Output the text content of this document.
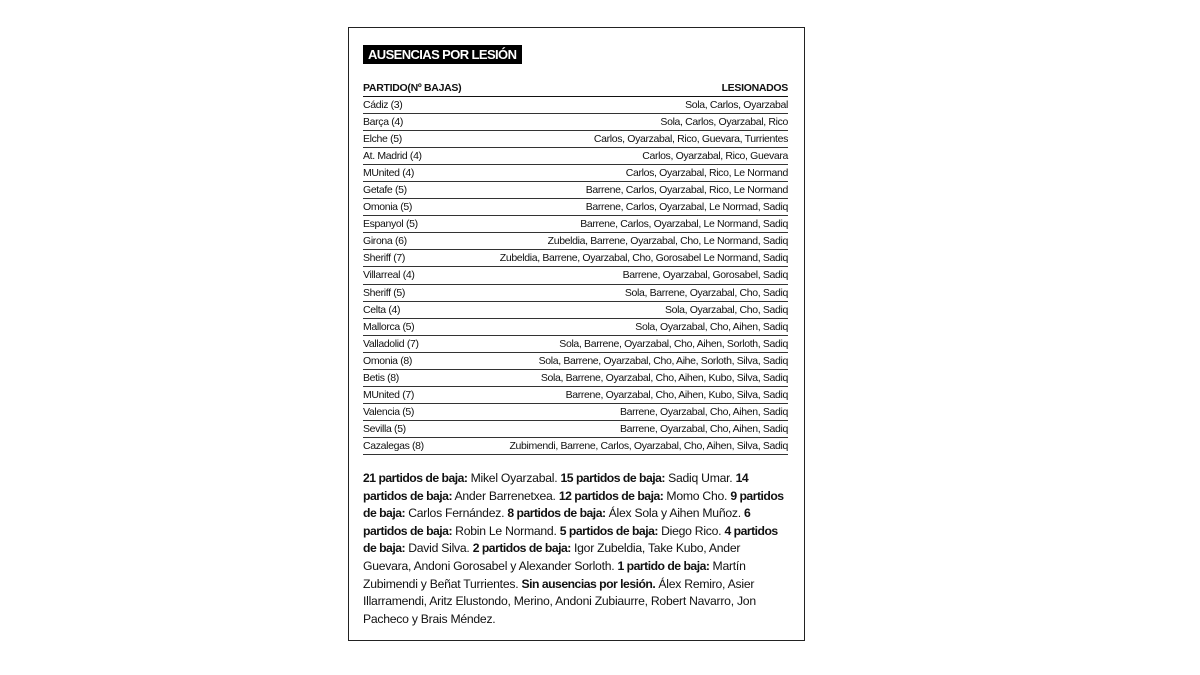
AUSENCIAS POR LESIÓN
PARTIDO(Nº BAJAS)	LESIONADOS
Cádiz (3)	Sola, Carlos, Oyarzabal
Barça (4)	Sola, Carlos, Oyarzabal, Rico
Elche (5)	Carlos, Oyarzabal, Rico, Guevara, Turrientes
At. Madrid (4)	Carlos, Oyarzabal, Rico, Guevara
MUnited (4)	Carlos, Oyarzabal, Rico, Le Normand
Getafe (5)	Barrene, Carlos, Oyarzabal, Rico, Le Normand
Omonia (5)	Barrene, Carlos, Oyarzabal, Le Normad, Sadiq
Espanyol (5)	Barrene, Carlos, Oyarzabal, Le Normand, Sadiq
Girona (6)	Zubeldia, Barrene, Oyarzabal, Cho, Le Normand, Sadiq
Sheriff (7)	Zubeldia, Barrene, Oyarzabal, Cho, Gorosabel Le Normand, Sadiq
Villarreal (4)	Barrene, Oyarzabal, Gorosabel, Sadiq
Sheriff (5)	Sola, Barrene, Oyarzabal, Cho, Sadiq
Celta (4)	Sola, Oyarzabal, Cho, Sadiq
Mallorca (5)	Sola, Oyarzabal, Cho, Aihen, Sadiq
Valladolid (7)	Sola, Barrene, Oyarzabal, Cho, Aihen, Sorloth, Sadiq
Omonia (8)	Sola, Barrene, Oyarzabal, Cho, Aihe, Sorloth, Silva, Sadiq
Betis (8)	Sola, Barrene, Oyarzabal, Cho, Aihen, Kubo, Silva, Sadiq
MUnited (7)	Barrene, Oyarzabal, Cho, Aihen, Kubo, Silva, Sadiq
Valencia (5)	Barrene, Oyarzabal, Cho, Aihen, Sadiq
Sevilla (5)	Barrene, Oyarzabal, Cho, Aihen, Sadiq
Cazalegas (8)	Zubimendi, Barrene, Carlos, Oyarzabal, Cho, Aihen, Silva, Sadiq
21 partidos de baja: Mikel Oyarzabal. 15 partidos de baja: Sadiq Umar. 14 partidos de baja: Ander Barrenetxea. 12 partidos de baja: Momo Cho. 9 partidos de baja: Carlos Fernández. 8 partidos de baja: Álex Sola y Aihen Muñoz. 6 partidos de baja: Robin Le Normand. 5 partidos de baja: Diego Rico. 4 partidos de baja: David Silva. 2 partidos de baja: Igor Zubeldia, Take Kubo, Ander Guevara, Andoni Gorosabel y Alexander Sorloth. 1 partido de baja: Martín Zubimendi y Beñat Turrientes. Sin ausencias por lesión. Álex Remiro, Asier Illarramendi, Aritz Elustondo, Merino, Andoni Zubiaurre, Robert Navarro, Jon Pacheco y Brais Méndez.
